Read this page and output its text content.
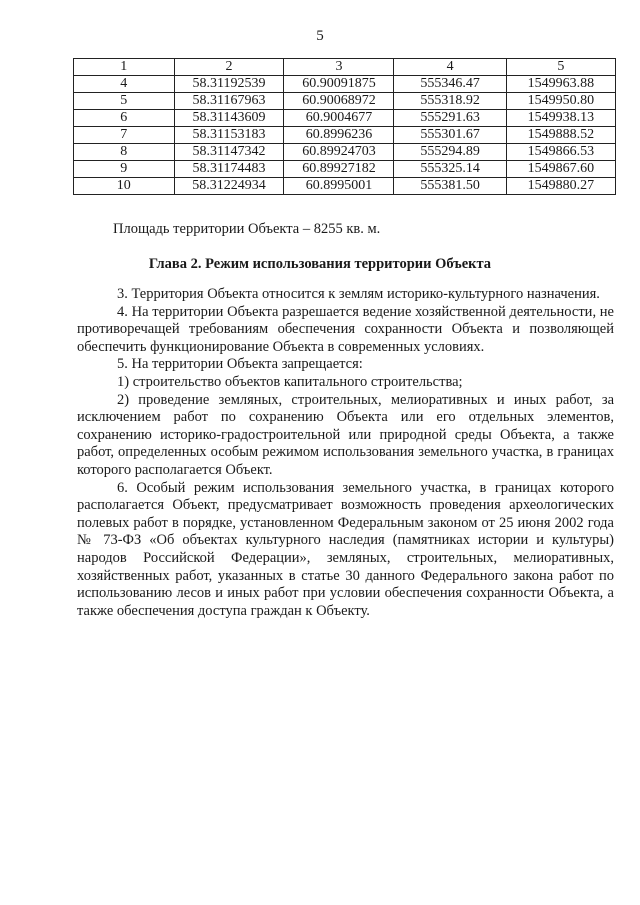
5
1	2	3	4	5
4	58.31192539	60.90091875	555346.47	1549963.88
5	58.31167963	60.90068972	555318.92	1549950.80
6	58.31143609	60.9004677	555291.63	1549938.13
7	58.31153183	60.8996236	555301.67	1549888.52
8	58.31147342	60.89924703	555294.89	1549866.53
9	58.31174483	60.89927182	555325.14	1549867.60
10	58.31224934	60.8995001	555381.50	1549880.27
Площадь территории Объекта – 8255 кв. м.
Глава 2. Режим использования территории Объекта

3. Территория Объекта относится к землям историко-культурного назначения.

4. На территории Объекта разрешается ведение хозяйственной деятельности, не противоречащей требованиям обеспечения сохранности Объекта и позволяющей обеспечить функционирование Объекта в современных условиях.

5. На территории Объекта запрещается:

1) строительство объектов капитального строительства;

2) проведение земляных, строительных, мелиоративных и иных работ, за исключением работ по сохранению Объекта или его отдельных элементов, сохранению историко-градостроительной или природной среды Объекта, а также работ, определенных особым режимом использования земельного участка, в границах которого располагается Объект.

6. Особый режим использования земельного участка, в границах которого располагается Объект, предусматривает возможность проведения археологических полевых работ в порядке, установленном Федеральным законом от 25 июня 2002 года № 73-ФЗ «Об объектах культурного наследия (памятниках истории и культуры) народов Российской Федерации», земляных, строительных, мелиоративных, хозяйственных работ, указанных в статье 30 данного Федерального закона работ по использованию лесов и иных работ при условии обеспечения сохранности Объекта, а также обеспечения доступа граждан к Объекту.
